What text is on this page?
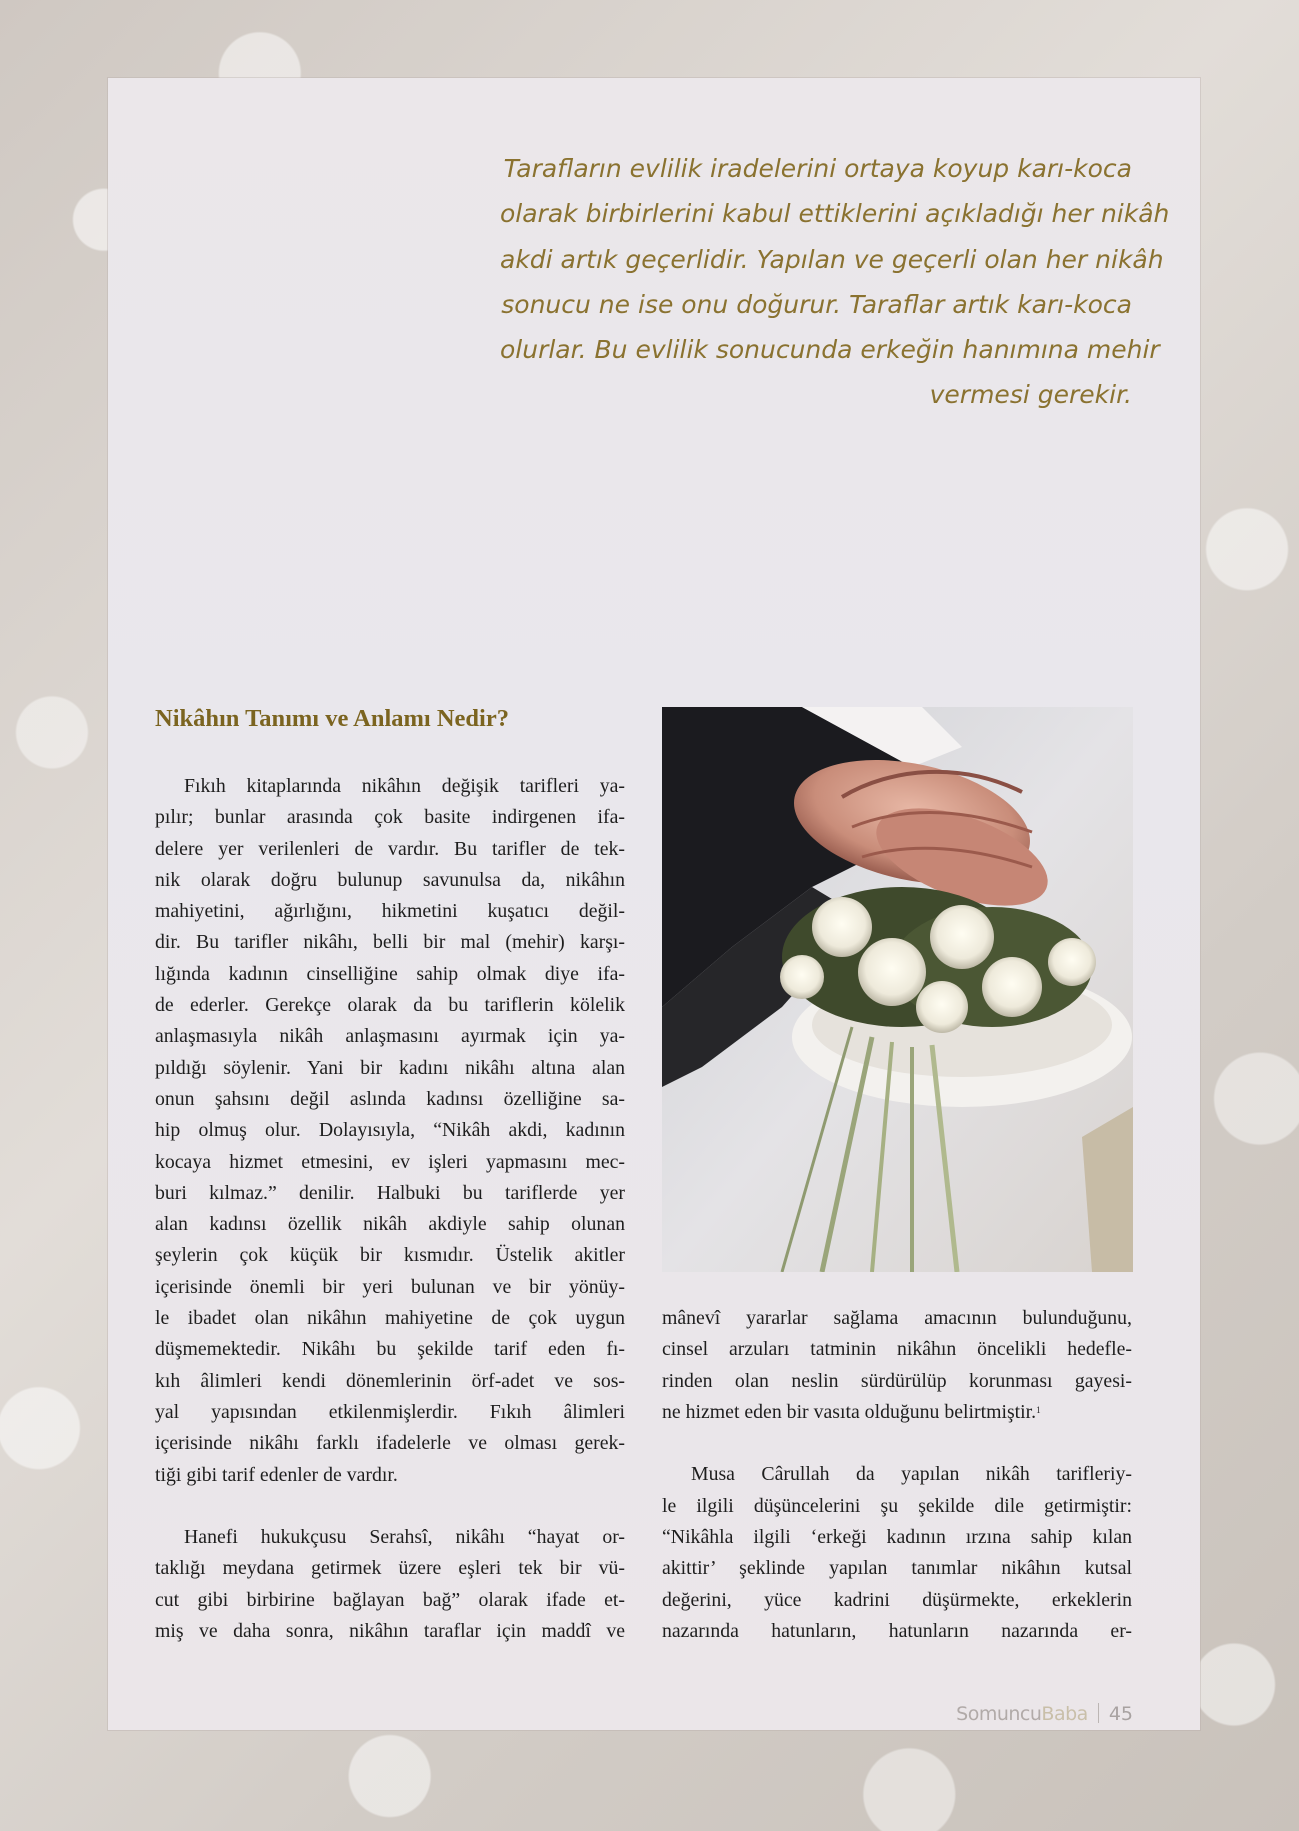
Tarafların evlilik iradelerini ortaya koyup karı-koca
olarak birbirlerini kabul ettiklerini açıkladığı her nikâh
akdi artık geçerlidir. Yapılan ve geçerli olan her nikâh
sonucu ne ise onu doğurur. Taraflar artık karı-koca
olurlar. Bu evlilik sonucunda erkeğin hanımına mehir
vermesi gerekir.
Nikâhın Tanımı ve Anlamı Nedir?
Fıkıh kitaplarında nikâhın değişik tarifleri ya-
pılır; bunlar arasında çok basite indirgenen ifa-
delere yer verilenleri de vardır. Bu tarifler de tek-
nik olarak doğru bulunup savunulsa da, nikâhın
mahiyetini, ağırlığını, hikmetini kuşatıcı değil-
dir. Bu tarifler nikâhı, belli bir mal (mehir) karşı-
lığında kadının cinselliğine sahip olmak diye ifa-
de ederler. Gerekçe olarak da bu tariflerin kölelik
anlaşmasıyla nikâh anlaşmasını ayırmak için ya-
pıldığı söylenir. Yani bir kadını nikâhı altına alan
onun şahsını değil aslında kadınsı özelliğine sa-
hip olmuş olur. Dolayısıyla, “Nikâh akdi, kadının
kocaya hizmet etmesini, ev işleri yapmasını mec-
buri kılmaz.” denilir. Halbuki bu tariflerde yer
alan kadınsı özellik nikâh akdiyle sahip olunan
şeylerin çok küçük bir kısmıdır. Üstelik akitler
içerisinde önemli bir yeri bulunan ve bir yönüy-
le ibadet olan nikâhın mahiyetine de çok uygun
düşmemektedir. Nikâhı bu şekilde tarif eden fı-
kıh âlimleri kendi dönemlerinin örf-adet ve sos-
yal yapısından etkilenmişlerdir. Fıkıh âlimleri
içerisinde nikâhı farklı ifadelerle ve olması gerek-
tiği gibi tarif edenler de vardır.
Hanefi hukukçusu Serahsî, nikâhı “hayat or-
taklığı meydana getirmek üzere eşleri tek bir vü-
cut gibi birbirine bağlayan bağ” olarak ifade et-
miş ve daha sonra, nikâhın taraflar için maddî ve
mânevî yararlar sağlama amacının bulunduğunu,
cinsel arzuları tatminin nikâhın öncelikli hedefle-
rinden olan neslin sürdürülüp korunması gayesi-
ne hizmet eden bir vasıta olduğunu belirtmiştir.$^1$
Musa Cârullah da yapılan nikâh tarifleriy-
le ilgili düşüncelerini şu şekilde dile getirmiştir:
“Nikâhla ilgili ‘erkeği kadının ırzına sahip kılan
akittir’ şeklinde yapılan tanımlar nikâhın kutsal
değerini, yüce kadrini düşürmekte, erkeklerin
nazarında hatunların, hatunların nazarında er-
SomuncuBaba 45
